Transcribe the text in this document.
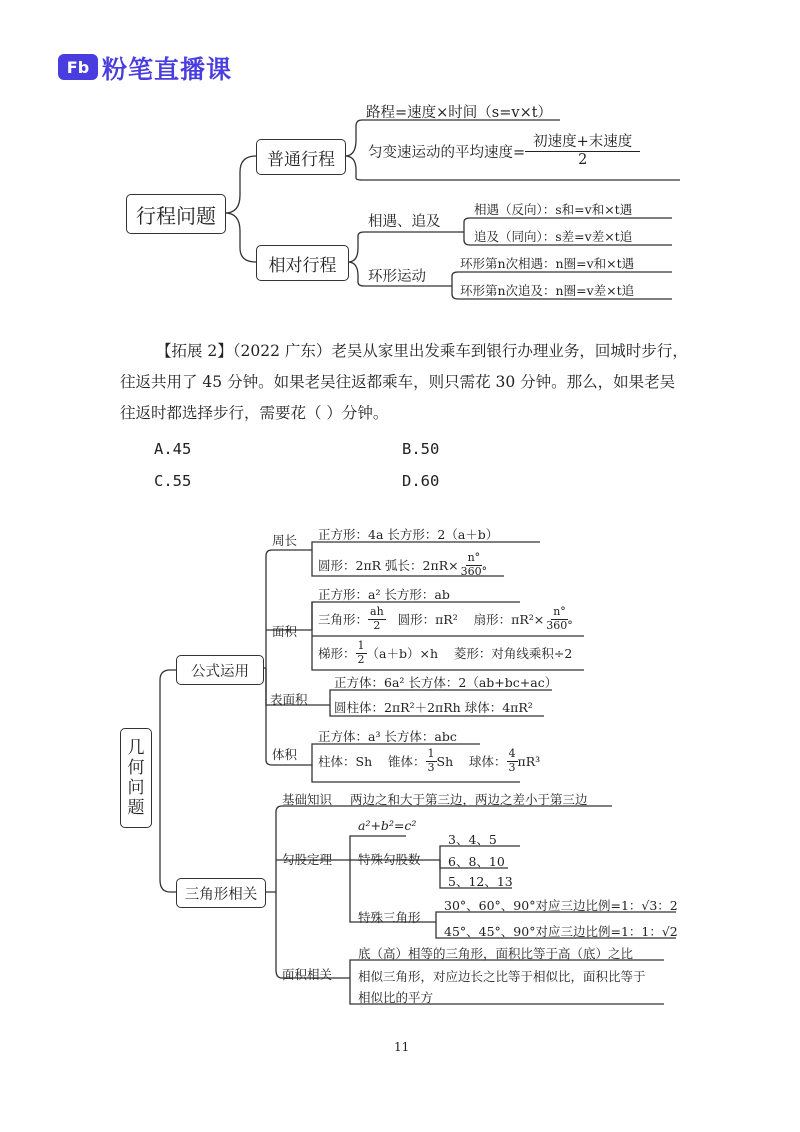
Fb 粉笔直播课
行程问题
普通行程
相对行程
路程=速度×时间（s=v×t）
匀变速运动的平均速度= $\frac{\text{初速度+末速度}}{2}$
相遇、追及
相遇（反向）：s和=v和×t遇
追及（同向）：s差=v差×t追
环形运动
环形第n次相遇：n圈=v和×t遇
环形第n次追及：n圈=v差×t追
【拓展 2】（2022 广东）老吴从家里出发乘车到银行办理业务，回城时步行，
往返共用了 45 分钟。如果老吴往返都乘车，则只需花 30 分钟。那么，如果老吴
往返时都选择步行，需要花（ ）分钟。
A.45	B.50
C.55	D.60
几
何
问
题
公式运用
三角形相关
周长 正方形：4a 长方形：2（a＋b）
圆形：2πR 弧长：$2\pi R\times \frac{n^\circ}{360^\circ}$
面积
正方形：a² 长方形：ab
三角形： $\frac{ah}{2}$ 圆形：πR²    扇形：$\pi R^2\times \frac{n^\circ}{360^\circ}$
梯形： $\frac{1}{2} (a+b)\times h$    菱形：对角线乘积÷2
表面积
正方体：6a² 长方体：2（ab+bc+ac）
圆柱体：2πR²＋2πRh 球体：4πR²
体积
正方体：a³ 长方体：abc
柱体：Sh    锥体： $\frac{1}{3}$ Sh    球体： $\frac{4}{3} \pi R^3$
基础知识 两边之和大于第三边，两边之差小于第三边
勾股定理
a²+b²=c²
特殊勾股数
3、4、5
6、8、10
5、12、13
特殊三角形
30°、60°、90°对应三边比例=1：√3：2
45°、45°、90°对应三边比例=1：1：√2
面积相关
底（高）相等的三角形，面积比等于高（底）之比
相似三角形，对应边长之比等于相似比，面积比等于
相似比的平方
11
